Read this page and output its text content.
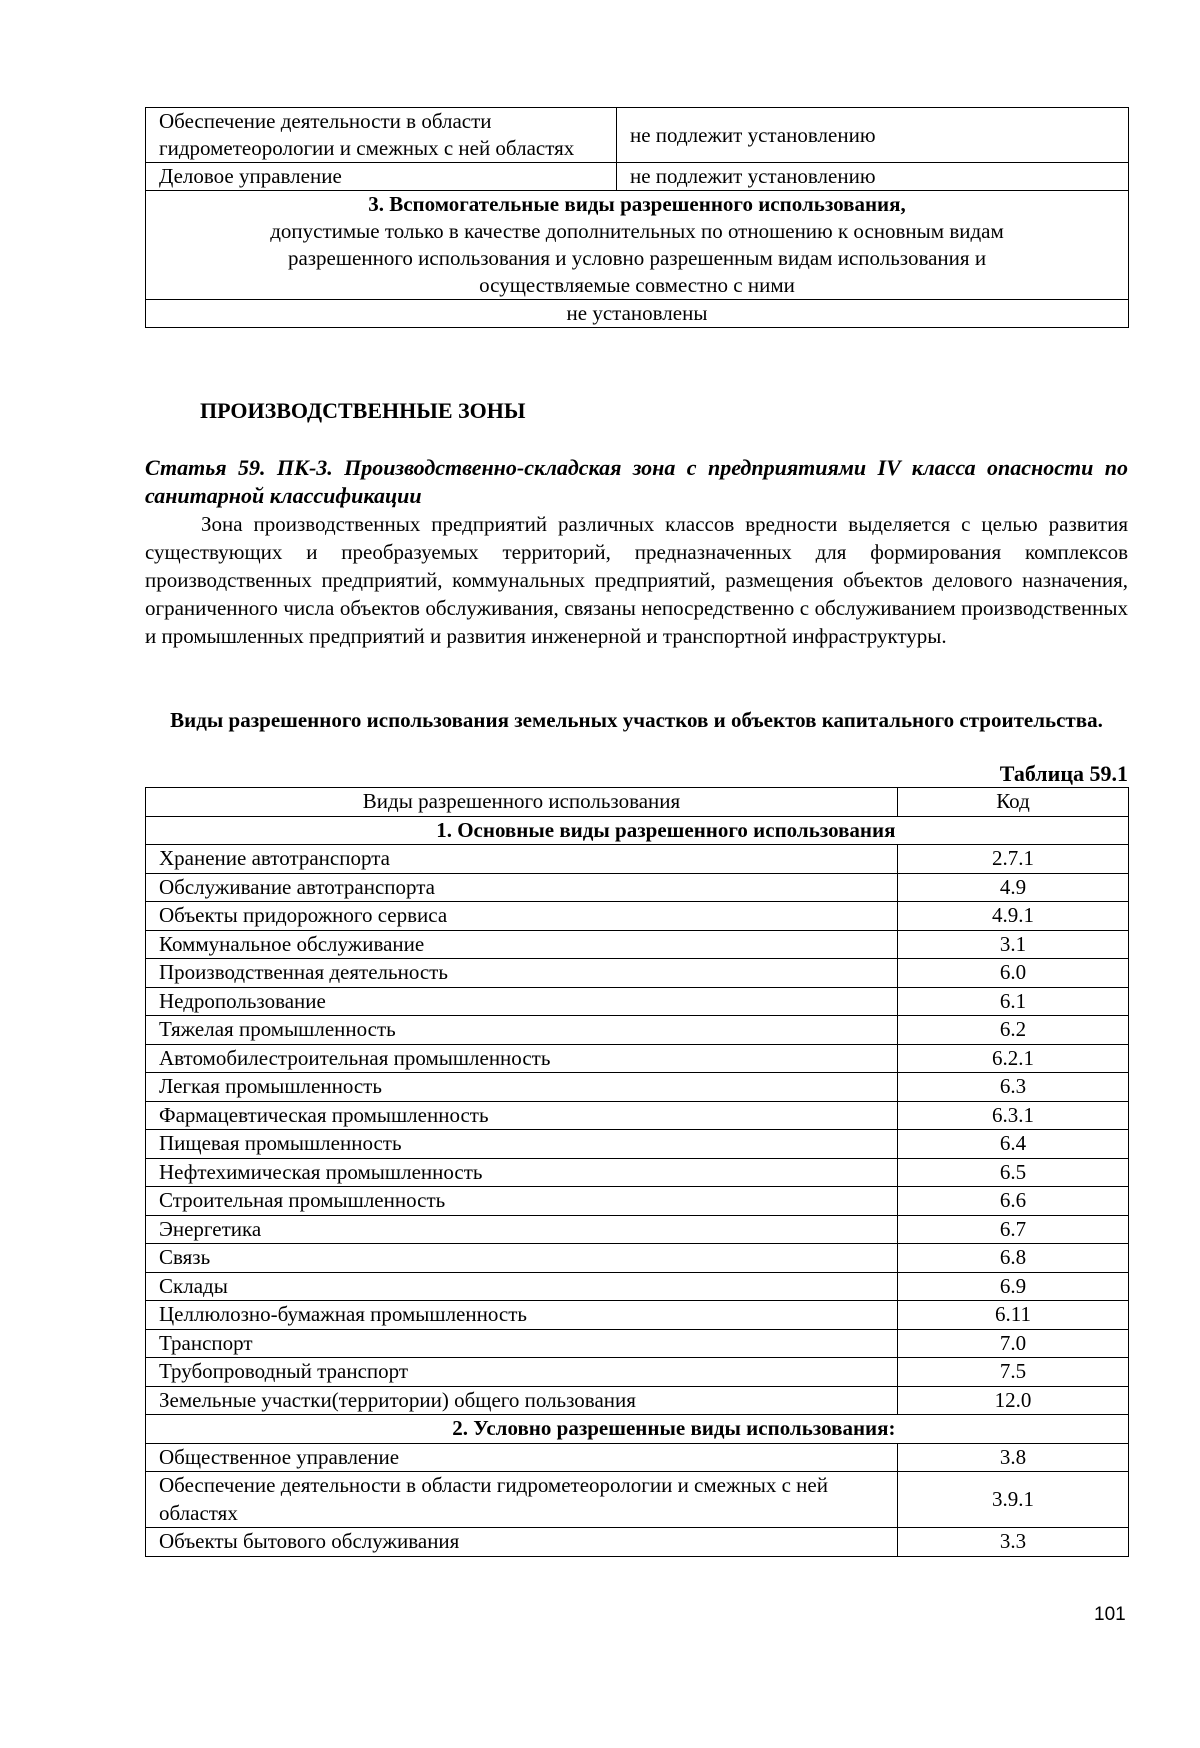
Обеспечение деятельности в области гидрометеорологии и смежных с ней областях	не подлежит установлению
Деловое управление	не подлежит установлению

3. Вспомогательные виды разрешенного использования,
допустимые только в качестве дополнительных по отношению к основным видам разрешенного использования и условно разрешенным видам использования и осуществляемые совместно с ними	

не установлены	
ПРОИЗВОДСТВЕННЫЕ ЗОНЫ
Статья 59. ПК-3. Производственно-складская зона с предприятиями IV класса опасности по санитарной классификации

Зона производственных предприятий различных классов вредности выделяется с целью развития существующих и преобразуемых территорий, предназначенных для формирования комплексов производственных предприятий, коммунальных предприятий, размещения объектов делового назначения, ограниченного числа объектов обслуживания, связаны непосредственно с обслуживанием производственных и промышленных предприятий и развития инженерной и транспортной инфраструктуры.

Виды разрешенного использования земельных участков и объектов капитального строительства.
Таблица 59.1
Виды разрешенного использования	Код
1. Основные виды разрешенного использования	
Хранение автотранспорта	2.7.1
Обслуживание автотранспорта	4.9
Объекты придорожного сервиса	4.9.1
Коммунальное обслуживание	3.1
Производственная деятельность	6.0
Недропользование	6.1
Тяжелая промышленность	6.2
Автомобилестроительная промышленность	6.2.1
Легкая промышленность	6.3
Фармацевтическая промышленность	6.3.1
Пищевая промышленность	6.4
Нефтехимическая промышленность	6.5
Строительная промышленность	6.6
Энергетика	6.7
Связь	6.8
Склады	6.9
Целлюлозно-бумажная промышленность	6.11
Транспорт	7.0
Трубопроводный транспорт	7.5
Земельные участки(территории) общего пользования	12.0
2. Условно разрешенные виды использования:	
Общественное управление	3.8
Обеспечение деятельности в области гидрометеорологии и смежных с ней областях	3.9.1
Объекты бытового обслуживания	3.3
101
